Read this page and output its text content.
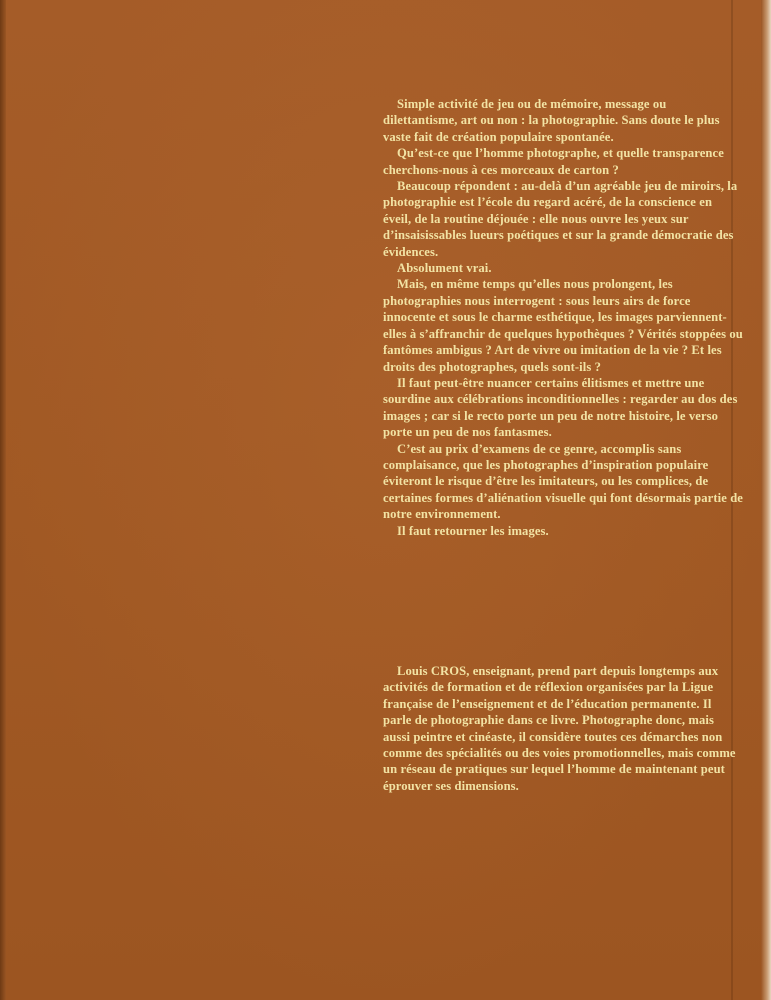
Simple activité de jeu ou de mémoire, message ou dilettantisme, art ou non : la photographie. Sans doute le plus vaste fait de création populaire spontanée.

Qu’est-ce que l’homme photographe, et quelle transparence cherchons-nous à ces morceaux de carton ?

Beaucoup répondent : au-delà d’un agréable jeu de miroirs, la photographie est l’école du regard acéré, de la conscience en éveil, de la routine déjouée : elle nous ouvre les yeux sur d’insaisissables lueurs poétiques et sur la grande démocratie des évidences.

Absolument vrai.

Mais, en même temps qu’elles nous prolongent, les photographies nous interrogent : sous leurs airs de force innocente et sous le charme esthétique, les images parviennent-elles à s’affranchir de quelques hypothèques ? Vérités stoppées ou fantômes ambigus ? Art de vivre ou imitation de la vie ? Et les droits des photographes, quels sont-ils ?

Il faut peut-être nuancer certains élitismes et mettre une sourdine aux célébrations inconditionnelles : regarder au dos des images ; car si le recto porte un peu de notre histoire, le verso porte un peu de nos fantasmes.

C’est au prix d’examens de ce genre, accomplis sans complaisance, que les photographes d’inspiration populaire éviteront le risque d’être les imitateurs, ou les complices, de certaines formes d’aliénation visuelle qui font désormais partie de notre environnement.

Il faut retourner les images.

Louis CROS, enseignant, prend part depuis longtemps aux activités de formation et de réflexion organisées par la Ligue française de l’enseignement et de l’éducation permanente. Il parle de photographie dans ce livre. Photographe donc, mais aussi peintre et cinéaste, il considère toutes ces démarches non comme des spécialités ou des voies promotionnelles, mais comme un réseau de pratiques sur lequel l’homme de maintenant peut éprouver ses dimensions.
